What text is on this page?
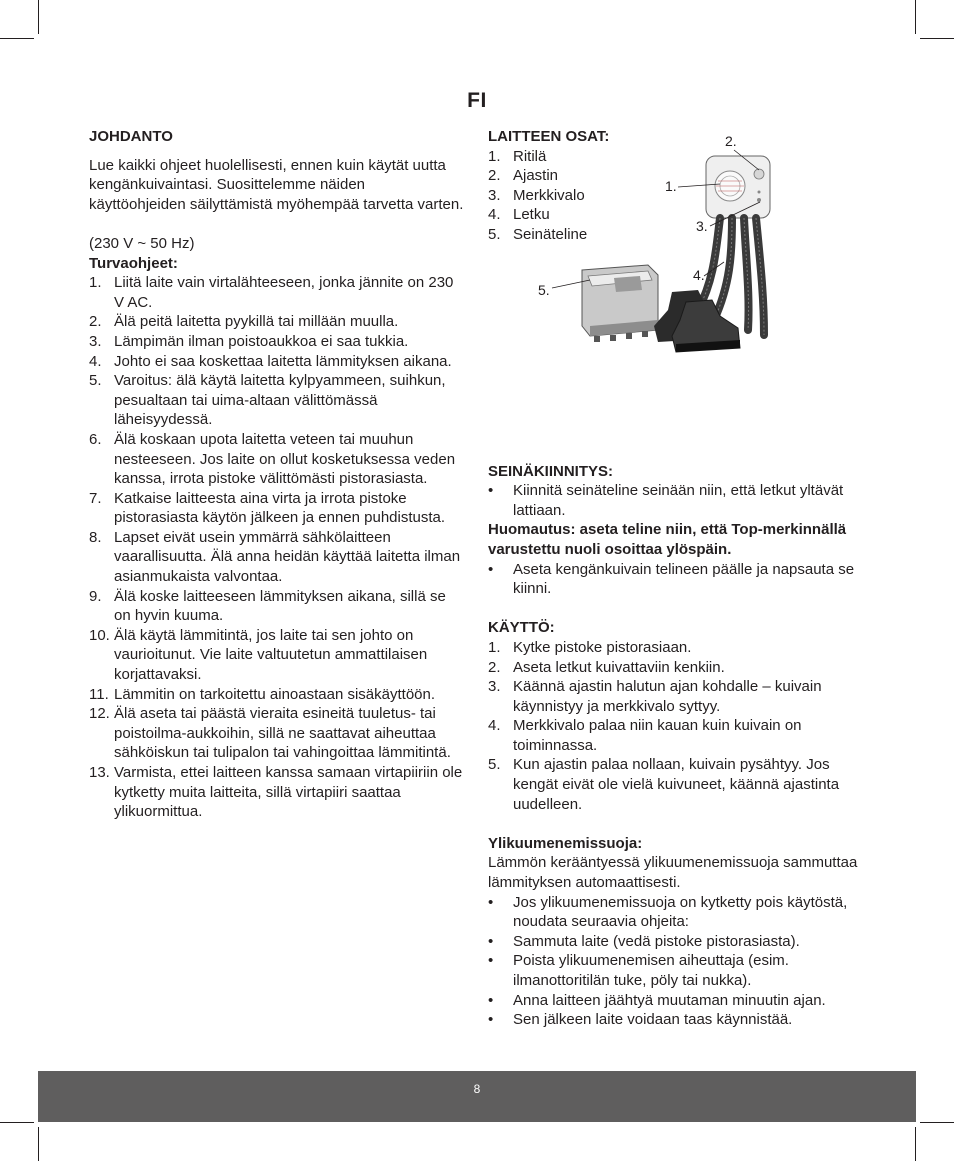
FI

JOHDANTO

Lue kaikki ohjeet huolellisesti, ennen kuin käytät uutta kengänkuivaintasi. Suosittelemme näiden käyttöohjeiden säilyttämistä myöhempää tarvetta varten.

(230 V ~ 50 Hz)

Turvaohjeet:

1. Liitä laite vain virtalähteeseen, jonka jännite on 230 V AC.
2. Älä peitä laitetta pyykillä tai millään muulla.
3. Lämpimän ilman poistoaukkoa ei saa tukkia.
4. Johto ei saa koskettaa laitetta lämmityksen aikana.
5. Varoitus: älä käytä laitetta kylpyammeen, suihkun, pesualtaan tai uima-altaan välittömässä läheisyydessä.
6. Älä koskaan upota laitetta veteen tai muuhun nesteeseen. Jos laite on ollut kosketuksessa veden kanssa, irrota pistoke välittömästi pistorasiasta.
7. Katkaise laitteesta aina virta ja irrota pistoke pistorasiasta käytön jälkeen ja ennen puhdistusta.
8. Lapset eivät usein ymmärrä sähkölaitteen vaarallisuutta. Älä anna heidän käyttää laitetta ilman asianmukaista valvontaa.
9. Älä koske laitteeseen lämmityksen aikana, sillä se on hyvin kuuma.
10. Älä käytä lämmitintä, jos laite tai sen johto on vaurioitunut. Vie laite valtuutetun ammattilaisen korjattavaksi.
11. Lämmitin on tarkoitettu ainoastaan sisäkäyttöön.
12. Älä aseta tai päästä vieraita esineitä tuuletus- tai poistoilma-aukkoihin, sillä ne saattavat aiheuttaa sähköiskun tai tulipalon tai vahingoittaa lämmitintä.
13. Varmista, ettei laitteen kanssa samaan virtapiiriin ole kytketty muita laitteita, sillä virtapiiri saattaa ylikuormittua.

LAITTEEN OSAT:

1. Ritilä
2. Ajastin
3. Merkkivalo
4. Letku
5. Seinäteline

SEINÄKIINNITYS:

• Kiinnitä seinäteline seinään niin, että letkut yltävät lattiaan.

Huomautus: aseta teline niin, että Top-merkinnällä varustettu nuoli osoittaa ylöspäin.

• Aseta kengänkuivain telineen päälle ja napsauta se kiinni.

KÄYTTÖ:

1. Kytke pistoke pistorasiaan.
2. Aseta letkut kuivattaviin kenkiin.
3. Käännä ajastin halutun ajan kohdalle – kuivain käynnistyy ja merkkivalo syttyy.
4. Merkkivalo palaa niin kauan kuin kuivain on toiminnassa.
5. Kun ajastin palaa nollaan, kuivain pysähtyy. Jos kengät eivät ole vielä kuivuneet, käännä ajastinta uudelleen.

Ylikuumenemissuoja:

Lämmön kerääntyessä ylikuumenemissuoja sammuttaa lämmityksen automaattisesti.

• Jos ylikuumenemissuoja on kytketty pois käytöstä, noudata seuraavia ohjeita:
• Sammuta laite (vedä pistoke pistorasiasta).
• Poista ylikuumenemisen aiheuttaja (esim. ilmanottoritilän tuke, pöly tai nukka).
• Anna laitteen jäähtyä muutaman minuutin ajan.
• Sen jälkeen laite voidaan taas käynnistää.
1.
2.
3.
4.
5.
8
